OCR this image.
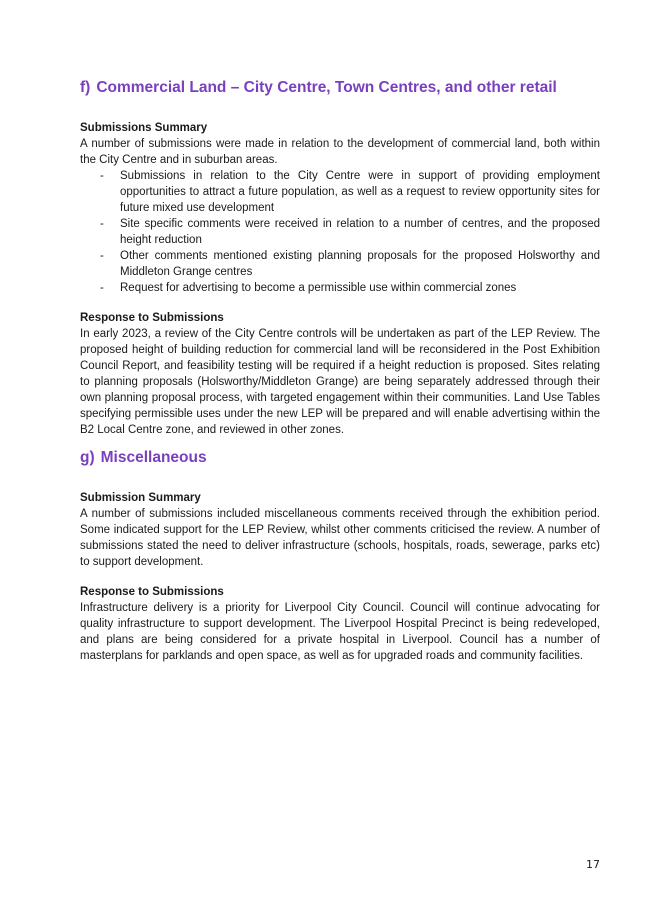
f) Commercial Land – City Centre, Town Centres, and other retail

Submissions Summary

A number of submissions were made in relation to the development of commercial land, both within the City Centre and in suburban areas.

- Submissions in relation to the City Centre were in support of providing employment opportunities to attract a future population, as well as a request to review opportunity sites for future mixed use development
- Site specific comments were received in relation to a number of centres, and the proposed height reduction
- Other comments mentioned existing planning proposals for the proposed Holsworthy and Middleton Grange centres
- Request for advertising to become a permissible use within commercial zones

Response to Submissions

In early 2023, a review of the City Centre controls will be undertaken as part of the LEP Review. The proposed height of building reduction for commercial land will be reconsidered in the Post Exhibition Council Report, and feasibility testing will be required if a height reduction is proposed. Sites relating to planning proposals (Holsworthy/Middleton Grange) are being separately addressed through their own planning proposal process, with targeted engagement within their communities. Land Use Tables specifying permissible uses under the new LEP will be prepared and will enable advertising within the B2 Local Centre zone, and reviewed in other zones.

g) Miscellaneous

Submission Summary

A number of submissions included miscellaneous comments received through the exhibition period. Some indicated support for the LEP Review, whilst other comments criticised the review. A number of submissions stated the need to deliver infrastructure (schools, hospitals, roads, sewerage, parks etc) to support development.

Response to Submissions

Infrastructure delivery is a priority for Liverpool City Council. Council will continue advocating for quality infrastructure to support development. The Liverpool Hospital Precinct is being redeveloped, and plans are being considered for a private hospital in Liverpool. Council has a number of masterplans for parklands and open space, as well as for upgraded roads and community facilities.

17
